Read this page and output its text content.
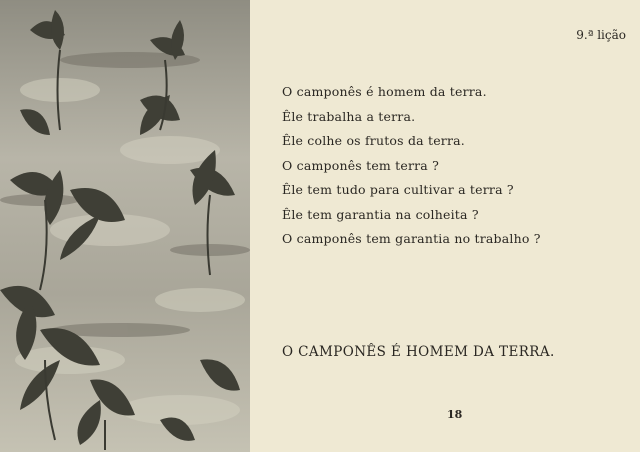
9.ª lição
O camponês é homem da terra.
Êle trabalha a terra.
Êle colhe os frutos da terra.
O camponês tem terra ?
Êle tem tudo para cultivar a terra ?
Êle tem garantia na colheita ?
O camponês tem garantia no trabalho ?
O CAMPONÊS É HOMEM DA TERRA.
18
